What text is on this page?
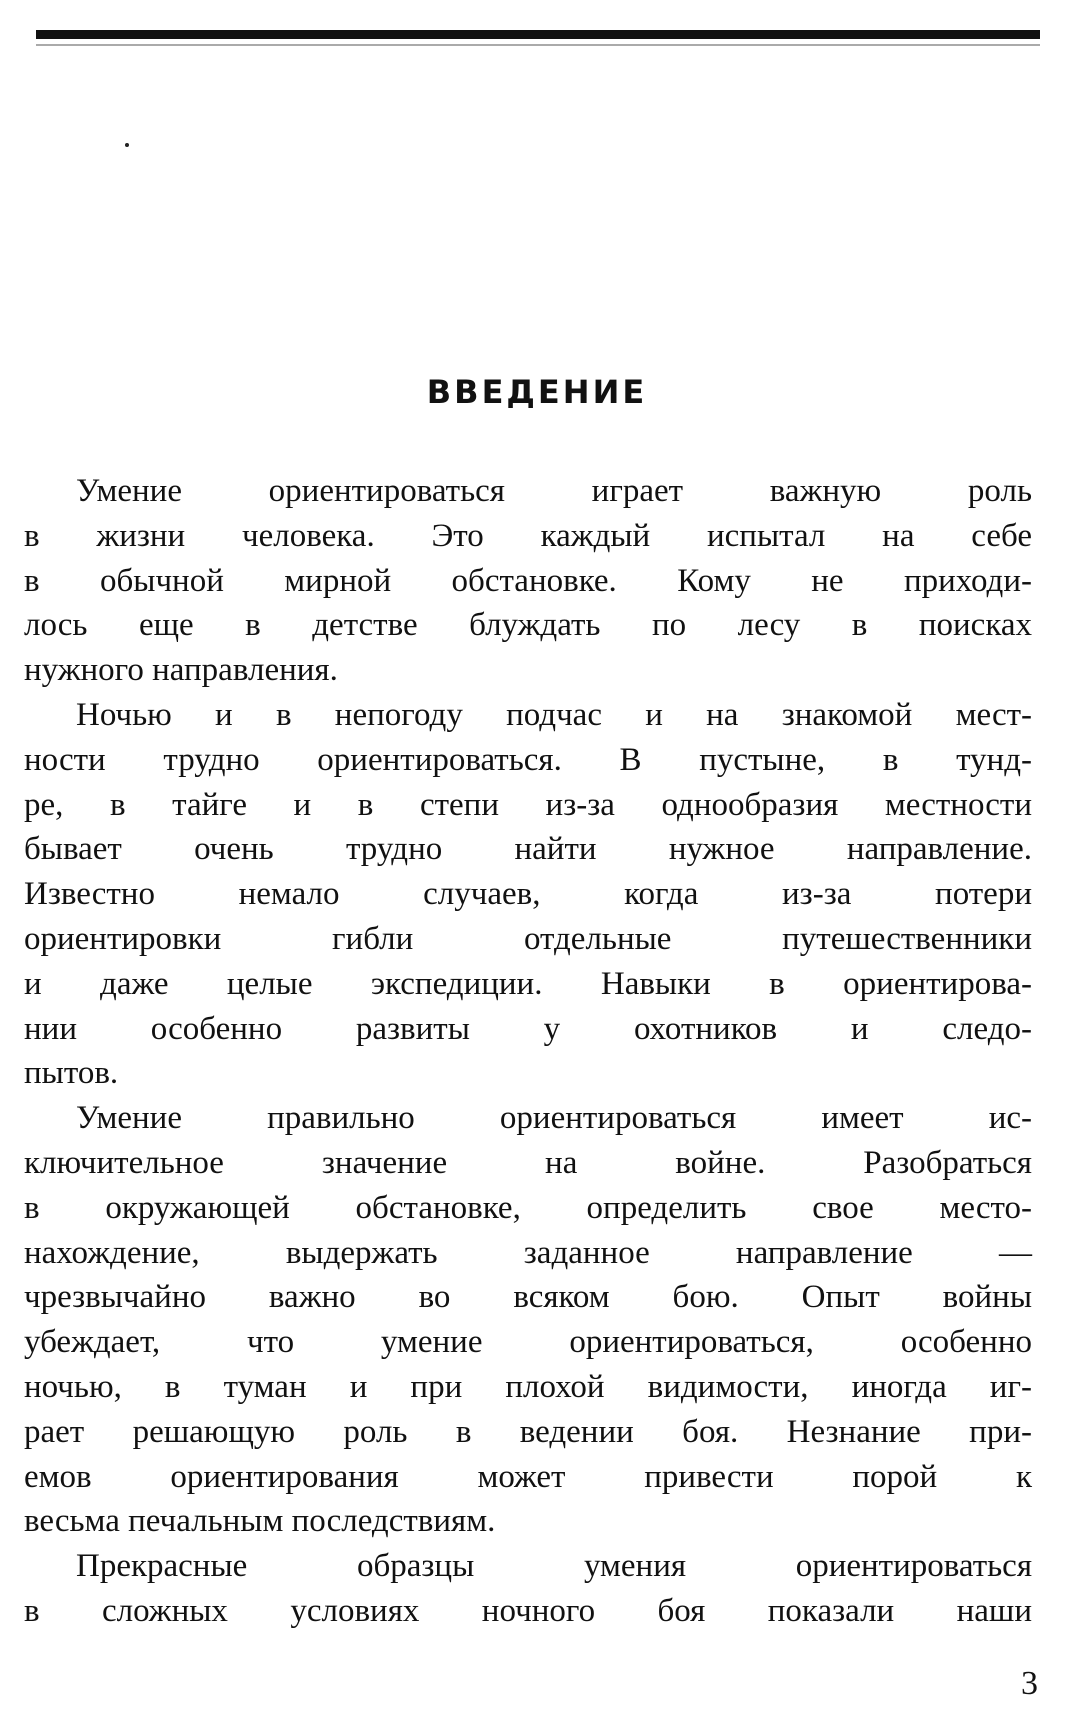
ВВЕДЕНИЕ
Умение ориентироваться играет важную роль
в жизни человека. Это каждый испытал на себе
в обычной мирной обстановке. Кому не приходи-
лось еще в детстве блуждать по лесу в поисках
нужного направления.
Ночью и в непогоду подчас и на знакомой мест-
ности трудно ориентироваться. В пустыне, в тунд-
ре, в тайге и в степи из-за однообразия местности
бывает очень трудно найти нужное направление.
Известно немало случаев, когда из-за потери
ориентировки гибли отдельные путешественники
и даже целые экспедиции. Навыки в ориентирова-
нии особенно развиты у охотников и следо-
пытов.
Умение правильно ориентироваться имеет ис-
ключительное значение на войне. Разобраться
в окружающей обстановке, определить свое место-
нахождение, выдержать заданное направление —
чрезвычайно важно во всяком бою. Опыт войны
убеждает, что умение ориентироваться, особенно
ночью, в туман и при плохой видимости, иногда иг-
рает решающую роль в ведении боя. Незнание при-
емов ориентирования может привести порой к
весьма печальным последствиям.
Прекрасные образцы умения ориентироваться
в сложных условиях ночного боя показали наши
3
